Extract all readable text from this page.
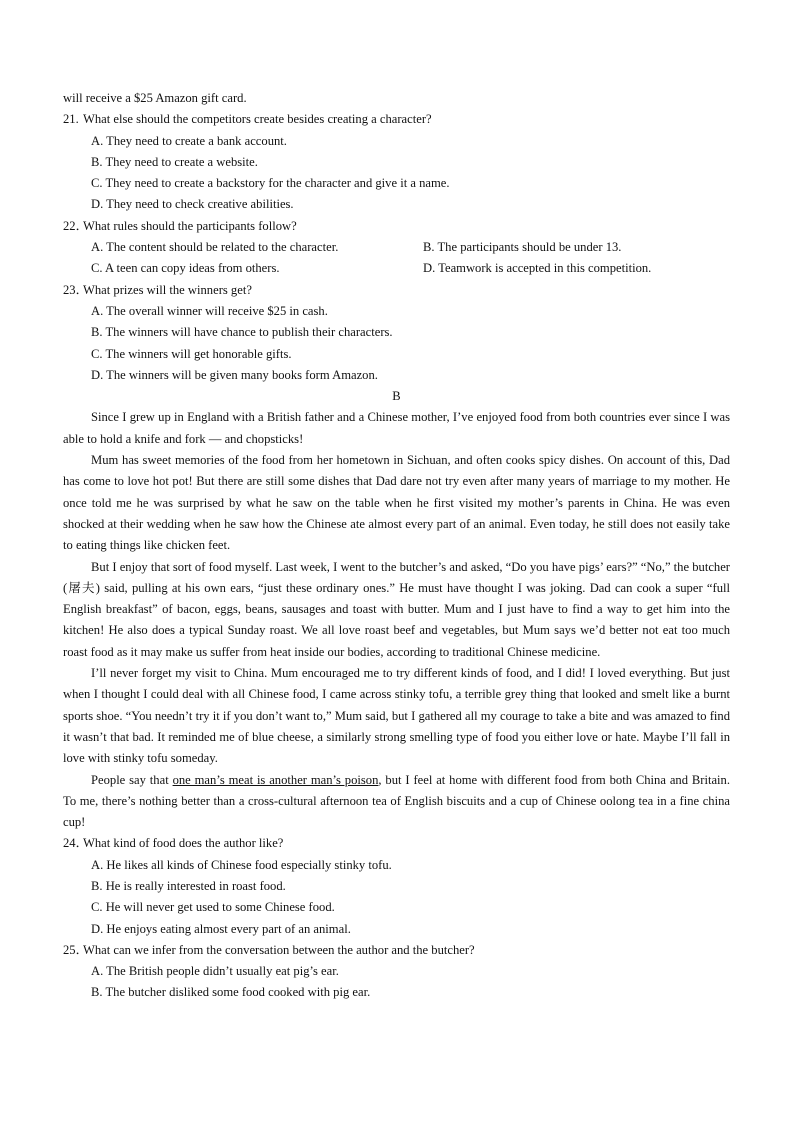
will receive a $25 Amazon gift card.
21. What else should the competitors create besides creating a character?
A. They need to create a bank account.
B. They need to create a website.
C. They need to create a backstory for the character and give it a name.
D. They need to check creative abilities.
22．What rules should the participants follow?
A. The content should be related to the character.	B. The participants should be under 13.
C. A teen can copy ideas from others.	D. Teamwork is accepted in this competition.
23．What prizes will the winners get?
A. The overall winner will receive $25 in cash.
B. The winners will have chance to publish their characters.
C. The winners will get honorable gifts.
D. The winners will be given many books form Amazon.
B
Since I grew up in England with a British father and a Chinese mother, I’ve enjoyed food from both countries ever since I was able to hold a knife and fork — and chopsticks!
Mum has sweet memories of the food from her hometown in Sichuan, and often cooks spicy dishes. On account of this, Dad has come to love hot pot! But there are still some dishes that Dad dare not try even after many years of marriage to my mother. He once told me he was surprised by what he saw on the table when he first visited my mother’s parents in China. He was even shocked at their wedding when he saw how the Chinese ate almost every part of an animal. Even today, he still does not easily take to eating things like chicken feet.
But I enjoy that sort of food myself. Last week, I went to the butcher’s and asked, “Do you have pigs’ ears?” “No,” the butcher (屠夫) said, pulling at his own ears, “just these ordinary ones.” He must have thought I was joking. Dad can cook a super “full English breakfast” of bacon, eggs, beans, sausages and toast with butter. Mum and I just have to find a way to get him into the kitchen! He also does a typical Sunday roast. We all love roast beef and vegetables, but Mum says we’d better not eat too much roast food as it may make us suffer from heat inside our bodies, according to traditional Chinese medicine.
I’ll never forget my visit to China. Mum encouraged me to try different kinds of food, and I did! I loved everything. But just when I thought I could deal with all Chinese food, I came across stinky tofu, a terrible grey thing that looked and smelt like a burnt sports shoe. “You needn’t try it if you don’t want to,” Mum said, but I gathered all my courage to take a bite and was amazed to find it wasn’t that bad. It reminded me of blue cheese, a similarly strong smelling type of food you either love or hate. Maybe I’ll fall in love with stinky tofu someday.
People say that one man’s meat is another man’s poison, but I feel at home with different food from both China and Britain. To me, there’s nothing better than a cross-cultural afternoon tea of English biscuits and a cup of Chinese oolong tea in a fine china cup!
24．What kind of food does the author like?
A. He likes all kinds of Chinese food especially stinky tofu.
B. He is really interested in roast food.
C. He will never get used to some Chinese food.
D. He enjoys eating almost every part of an animal.
25．What can we infer from the conversation between the author and the butcher?
A. The British people didn’t usually eat pig’s ear.
B. The butcher disliked some food cooked with pig ear.
